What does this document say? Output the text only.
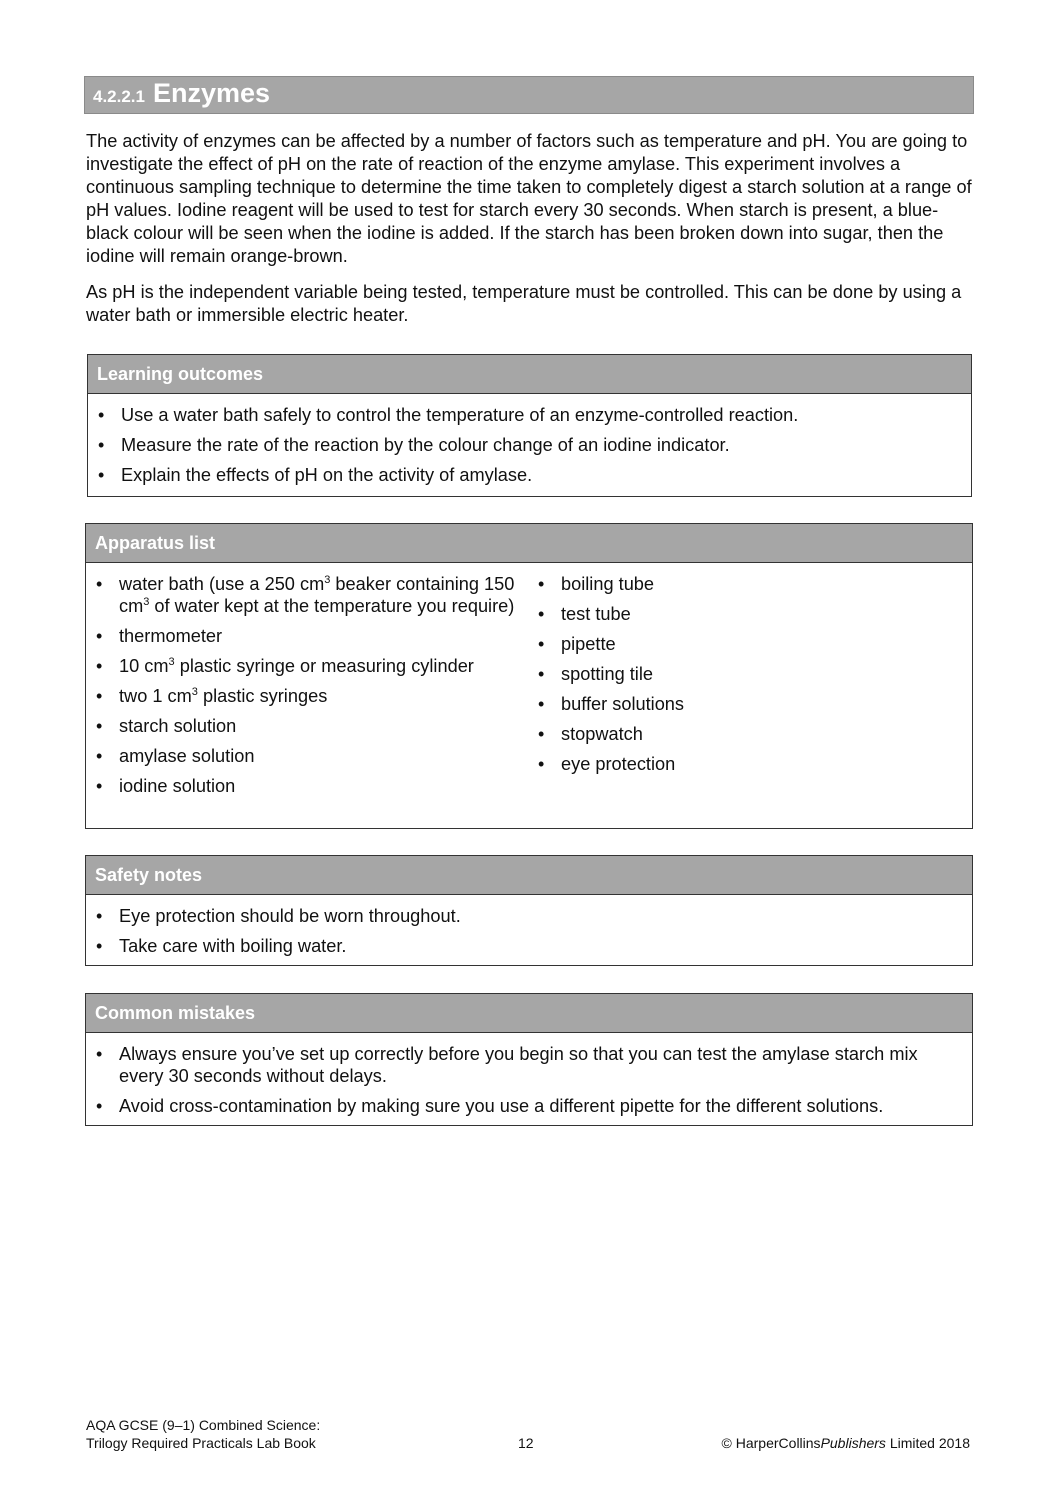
4.2.2.1 Enzymes

The activity of enzymes can be affected by a number of factors such as temperature and pH. You are going to investigate the effect of pH on the rate of reaction of the enzyme amylase. This experiment involves a continuous sampling technique to determine the time taken to completely digest a starch solution at a range of pH values. Iodine reagent will be used to test for starch every 30 seconds. When starch is present, a blue-black colour will be seen when the iodine is added. If the starch has been broken down into sugar, then the iodine will remain orange-brown.

As pH is the independent variable being tested, temperature must be controlled. This can be done by using a water bath or immersible electric heater.

Learning outcomes
• Use a water bath safely to control the temperature of an enzyme-controlled reaction.
• Measure the rate of the reaction by the colour change of an iodine indicator.
• Explain the effects of pH on the activity of amylase.
Apparatus list
• water bath (use a 250 $cm^3$ beaker containing 150 $cm^3$ of water kept at the temperature you require)
• thermometer
• 10 $cm^3$ plastic syringe or measuring cylinder
• two 1 $cm^3$ plastic syringes
• starch solution
• amylase solution
• iodine solution
• boiling tube
• test tube
• pipette
• spotting tile
• buffer solutions
• stopwatch
• eye protection
Safety notes
• Eye protection should be worn throughout.
• Take care with boiling water.
Common mistakes
• Always ensure you’ve set up correctly before you begin so that you can test the amylase starch mix every 30 seconds without delays.
• Avoid cross-contamination by making sure you use a different pipette for the different solutions.
AQA GCSE (9–1) Combined Science:
Trilogy Required Practicals Lab Book	12	© HarperCollinsPublishers Limited 2018
